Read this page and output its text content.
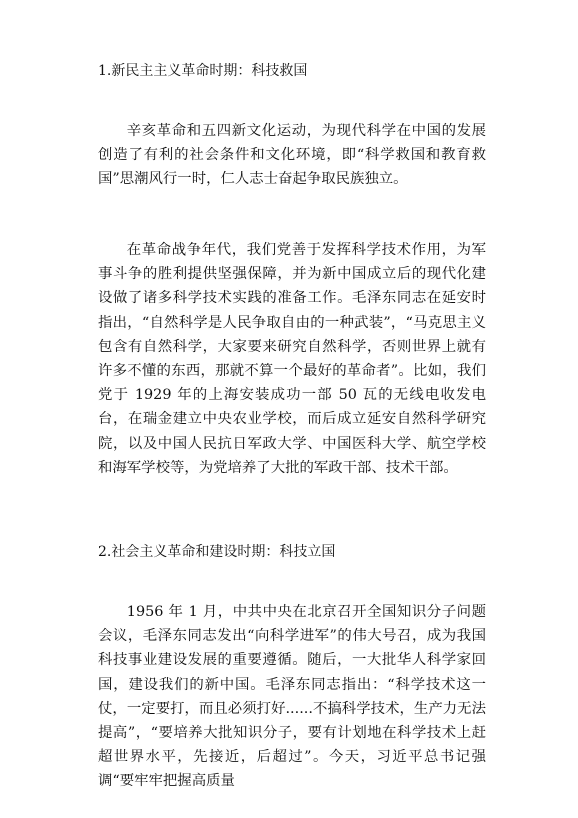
1.新民主主义革命时期：科技救国
辛亥革命和五四新文化运动，为现代科学在中国的发展创造了有利的社会条件和文化环境，即“科学救国和教育救国”思潮风行一时，仁人志士奋起争取民族独立。
在革命战争年代，我们党善于发挥科学技术作用，为军事斗争的胜利提供坚强保障，并为新中国成立后的现代化建设做了诸多科学技术实践的准备工作。毛泽东同志在延安时指出，“自然科学是人民争取自由的一种武装”，“马克思主义包含有自然科学，大家要来研究自然科学，否则世界上就有许多不懂的东西，那就不算一个最好的革命者”。比如，我们党于 1929 年的上海安装成功一部 50 瓦的无线电收发电台，在瑞金建立中央农业学校，而后成立延安自然科学研究院，以及中国人民抗日军政大学、中国医科大学、航空学校和海军学校等，为党培养了大批的军政干部、技术干部。
2.社会主义革命和建设时期：科技立国
1956 年 1 月，中共中央在北京召开全国知识分子问题会议，毛泽东同志发出“向科学进军”的伟大号召，成为我国科技事业建设发展的重要遵循。随后，一大批华人科学家回国，建设我们的新中国。毛泽东同志指出：“科学技术这一仗，一定要打，而且必须打好......不搞科学技术，生产力无法提高”，“要培养大批知识分子，要有计划地在科学技术上赶超世界水平，先接近，后超过”。今天，习近平总书记强调“要牢牢把握高质量
